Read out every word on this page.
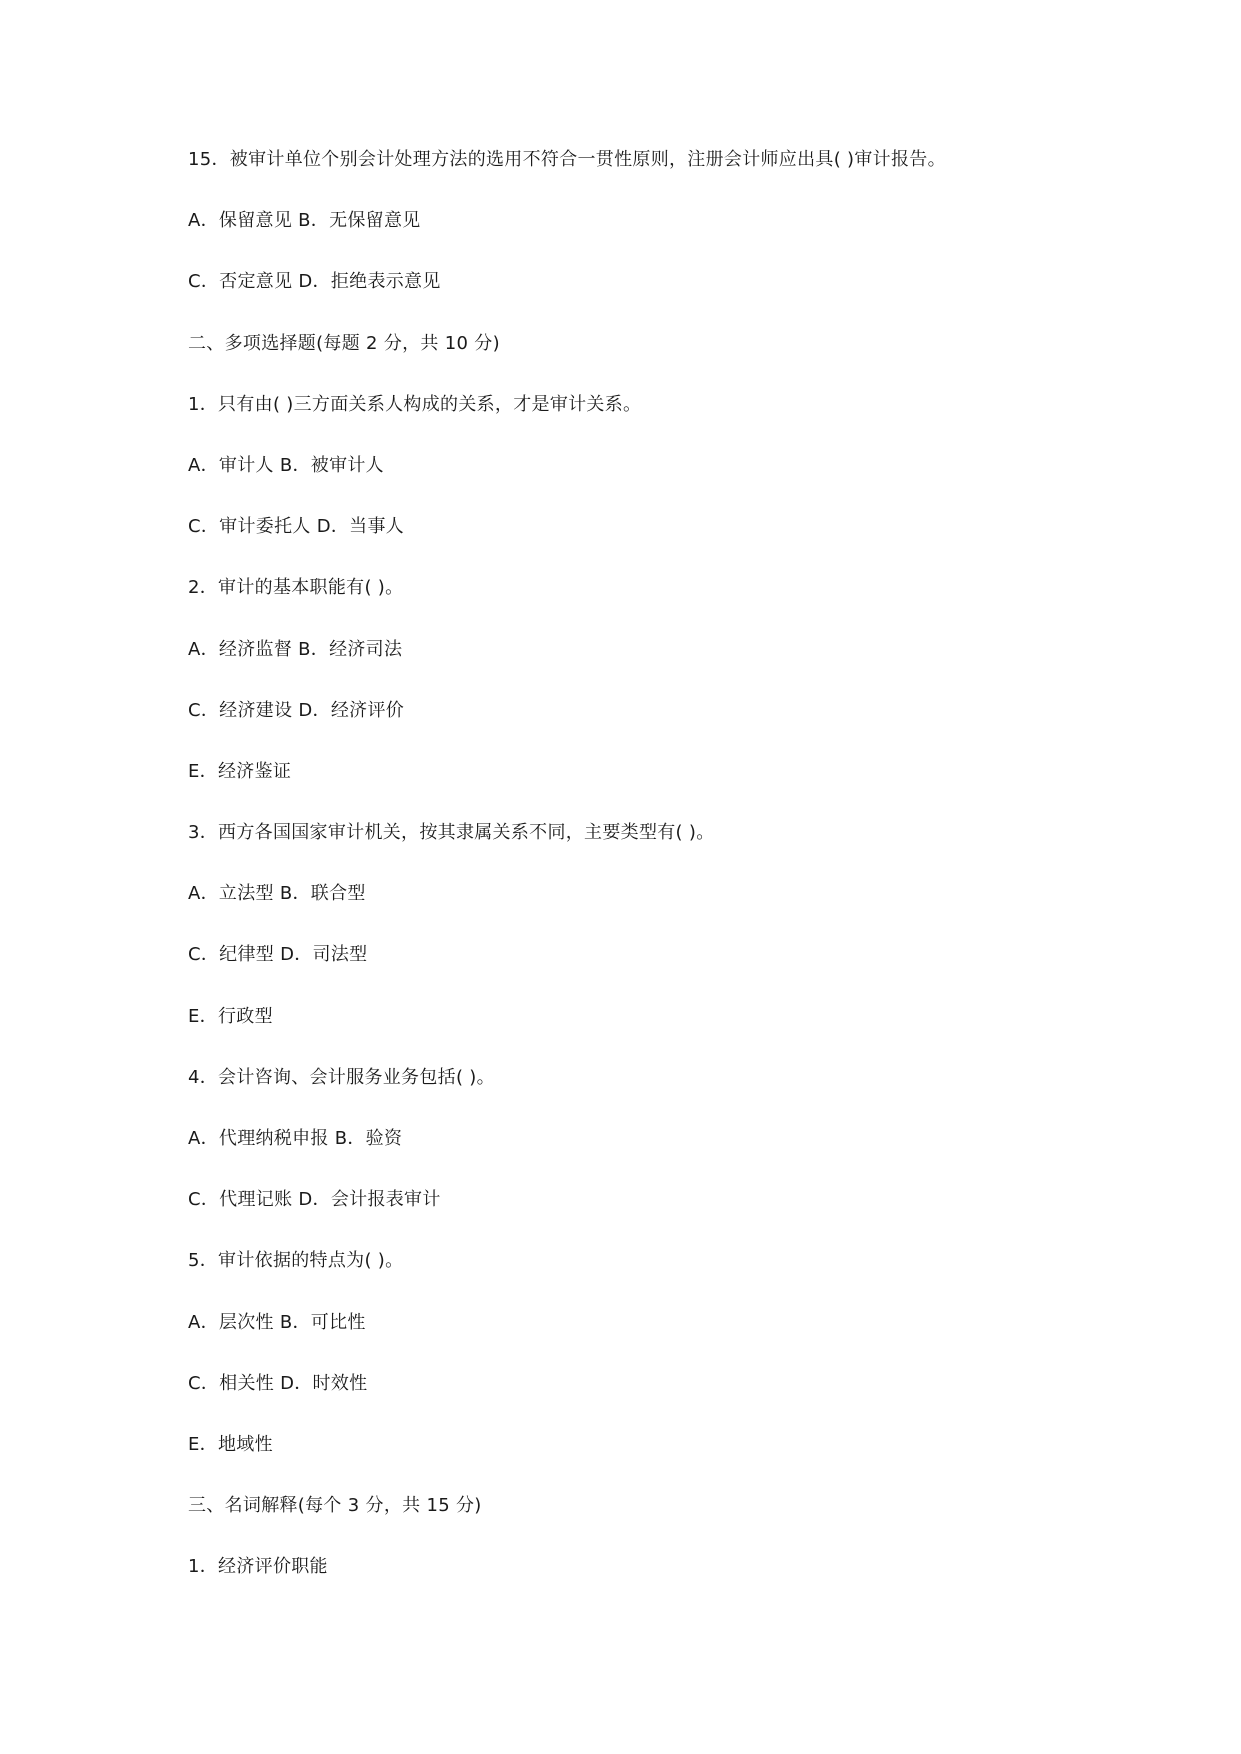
15．被审计单位个别会计处理方法的选用不符合一贯性原则，注册会计师应出具( )审计报告。
A．保留意见 B．无保留意见
C．否定意见 D．拒绝表示意见
二、多项选择题(每题 2 分，共 10 分)
1．只有由( )三方面关系人构成的关系，才是审计关系。
A．审计人 B．被审计人
C．审计委托人 D．当事人
2．审计的基本职能有( )。
A．经济监督 B．经济司法
C．经济建设 D．经济评价
E．经济鉴证
3．西方各国国家审计机关，按其隶属关系不同，主要类型有( )。
A．立法型 B．联合型
C．纪律型 D．司法型
E．行政型
4．会计咨询、会计服务业务包括( )。
A．代理纳税申报 B．验资
C．代理记账 D．会计报表审计
5．审计依据的特点为( )。
A．层次性 B．可比性
C．相关性 D．时效性
E．地域性
三、名词解释(每个 3 分，共 15 分)
1．经济评价职能
